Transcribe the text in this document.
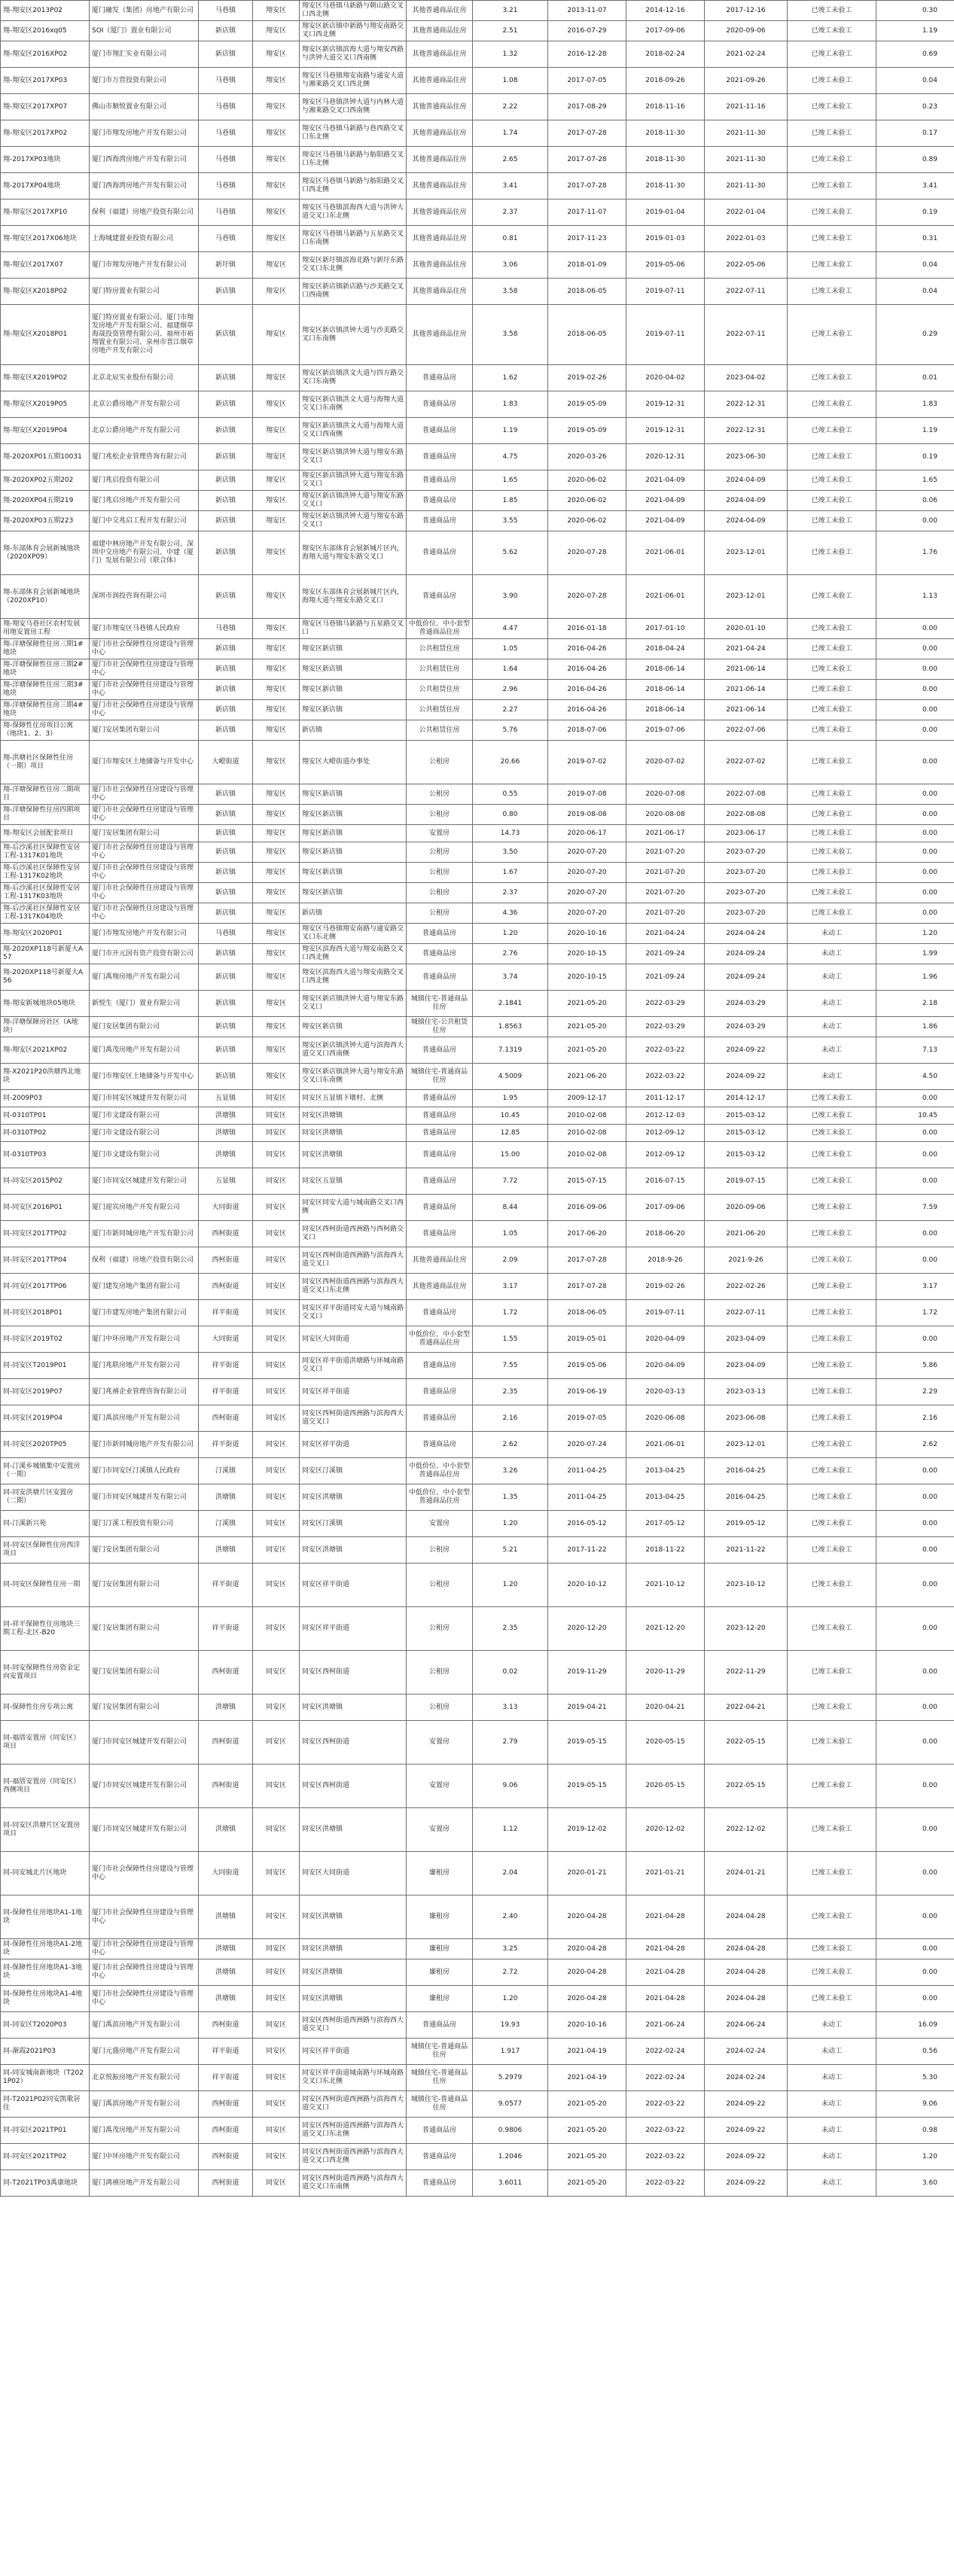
翔-翔安区2013P02	厦门融发（集团）房地产有限公司	马巷镇	翔安区	翔安区马巷镇马新路与朝山路交叉口西北侧	其他普通商品住房	3.21	2013-11-07	2014-12-16	2017-12-16	已竣工未验工	0.30
翔-翔安区2016xq05	SOI（厦门）置业有限公司	新店镇	翔安区	翔安区新店镇中新路与翔安南路交叉口西北侧	其他普通商品住房	2.51	2016-07-29	2017-09-06	2020-09-06	已竣工未验工	1.19
翔-翔安区2016XP02	厦门市翔汇实业有限公司	新店镇	翔安区	翔安区新店镇滨海大道与翔安西路与洪钟大道交叉口西南侧	其他普通商品住房	1.32	2016-12-28	2018-02-24	2021-02-24	已竣工未验工	0.69
翔-翔安区2017XP03	厦门市万营投资有限公司	马巷镇	翔安区	翔安区马巷镇翔安南路与通安大道与湘莱路交叉口西北侧	其他普通商品住房	1.08	2017-07-05	2018-09-26	2021-09-26	已竣工未验工	0.04
翔-翔安区2017XP07	佛山市顺悦置业有限公司	马巷镇	翔安区	翔安区马巷镇洪钟大道与内林大道与湘莱路交叉口西南侧	其他普通商品住房	2.22	2017-08-29	2018-11-16	2021-11-16	已竣工未验工	0.23
翔-翔安区2017XP02	厦门市翔发房地产开发有限公司	马巷镇	翔安区	翔安区马巷镇马新路与巷西路交叉口东北侧	其他普通商品住房	1.74	2017-07-28	2018-11-30	2021-11-30	已竣工未验工	0.17
翔-2017XP03地块	厦门西海湾房地产开发有限公司	马巷镇	翔安区	翔安区马巷镇马新路与舫阳路交叉口东北侧	其他普通商品住房	2.65	2017-07-28	2018-11-30	2021-11-30	已竣工未验工	0.89
翔-2017XP04地块	厦门西海湾房地产开发有限公司	马巷镇	翔安区	翔安区马巷镇马新路与舫阳路交叉口西北侧	其他普通商品住房	3.41	2017-07-28	2018-11-30	2021-11-30	已竣工未验工	3.41
翔-翔安区2017XP10	保利（福建）房地产投资有限公司	马巷镇	翔安区	翔安区马巷镇滨海西大道与洪钟大道交叉口东北侧	其他普通商品住房	2.37	2017-11-07	2019-01-04	2022-01-04	已竣工未验工	0.19
翔-翔安区2017X06地块	上海城建置业投资有限公司	马巷镇	翔安区	翔安区马巷镇马新路与五星路交叉口东南侧	其他普通商品住房	0.81	2017-11-23	2019-01-03	2022-01-03	已竣工未验工	0.31
翔-翔安区2017X07	厦门市翔发房地产开发有限公司	新圩镇	翔安区	翔安区新圩镇滨海北路与新圩东路交叉口东北侧	其他普通商品住房	3.06	2018-01-09	2019-05-06	2022-05-06	已竣工未验工	0.04
翔-翔安区X2018P02	厦门特房置业有限公司	新店镇	翔安区	翔安区新店镇新店路与沙美路交叉口西南侧	其他普通商品住房	3.58	2018-06-05	2019-07-11	2022-07-11	已竣工未验工	0.04
翔-翔安区X2018P01	厦门特房置业有限公司、厦门市翔发房地产开发有限公司、福建烟草海晟投资管理有限公司、福州市裕翔置业有限公司、泉州市晋江烟草房地产开发有限公司	新店镇	翔安区	翔安区新店镇洪钟大道与沙美路交叉口东南侧	其他普通商品住房	3.58	2018-06-05	2019-07-11	2022-07-11	已竣工未验工	0.29
翔-翔安区X2019P02	北京北辰实业股份有限公司	新店镇	翔安区	翔安区新店镇洪文大道与四方路交叉口东南侧	普通商品房	1.62	2019-02-26	2020-04-02	2023-04-02	已竣工未验工	0.01
翔-翔安区X2019P05	北京公爵房地产开发有限公司	新店镇	翔安区	翔安区新店镇洪文大道与海翔大道交叉口东南侧	普通商品房	1.83	2019-05-09	2019-12-31	2022-12-31	已竣工未验工	1.83
翔-翔安区X2019P04	北京公爵房地产开发有限公司	新店镇	翔安区	翔安区新店镇洪文大道与海翔大道交叉口西南侧	普通商品房	1.19	2019-05-09	2019-12-31	2022-12-31	已竣工未验工	1.19
翔-2020XP01五期10031	厦门兆松企业管理咨询有限公司	新店镇	翔安区	翔安区新店镇洪钟大道与翔安东路交叉口	普通商品房	4.75	2020-03-26	2020-12-31	2023-06-30	已竣工未验工	0.19
翔-2020XP02五期202	厦门兆启投资有限公司	新店镇	翔安区	翔安区新店镇洪钟大道与翔安东路交叉口	普通商品房	1.65	2020-06-02	2021-04-09	2024-04-09	已竣工未验工	1.65
翔-2020XP04五期219	厦门兆启房地产开发有限公司	新店镇	翔安区	翔安区新店镇洪钟大道与翔安东路交叉口	普通商品房	1.85	2020-06-02	2021-04-09	2024-04-09	已竣工未验工	0.06
翔-2020XP03五期223	厦门中交兆启工程开发有限公司	新店镇	翔安区	翔安区新店镇洪钟大道与翔安东路交叉口	普通商品房	3.55	2020-06-02	2021-04-09	2024-04-09	已竣工未验工	0.00
翔-东部体育会展新城地块（2020XP09）	福建中林房地产开发有限公司、深圳中交房地产有限公司、中建（厦门）发展有限公司（联合体）	新店镇	翔安区	翔安区东部体育会展新城片区内，海翔大道与翔安东路交叉口	普通商品房	5.62	2020-07-28	2021-06-01	2023-12-01	已竣工未验工	1.76
翔-东部体育会展新城地块（2020XP10）	深圳市润投咨询有限公司	新店镇	翔安区	翔安区东部体育会展新城片区内，海翔大道与翔安东路交叉口	普通商品房	3.90	2020-07-28	2021-06-01	2023-12-01	已竣工未验工	1.13
翔-翔安马巷社区农村发展用地安置房工程	厦门市翔安区马巷镇人民政府	马巷镇	翔安区	翔安区马巷镇马新路与五星路交叉口	中低价位、中小套型普通商品住房	4.47	2016-01-18	2017-01-10	2020-01-10	已竣工未验工	0.00
翔-洋塘保障性住房三期1#地块	厦门市社会保障性住房建设与管理中心	新店镇	翔安区	翔安区新店镇	公共租赁住房	1.05	2016-04-26	2018-04-24	2021-04-24	已竣工未验工	0.00
翔-洋塘保障性住房三期2#地块	厦门市社会保障性住房建设与管理中心	新店镇	翔安区	翔安区新店镇	公共租赁住房	1.64	2016-04-26	2018-06-14	2021-06-14	已竣工未验工	0.00
翔-洋塘保障性住房三期3#地块	厦门市社会保障性住房建设与管理中心	新店镇	翔安区	翔安区新店镇	公共租赁住房	2.96	2016-04-26	2018-06-14	2021-06-14	已竣工未验工	0.00
翔-洋塘保障性住房三期4#地块	厦门市社会保障性住房建设与管理中心	新店镇	翔安区	翔安区新店镇	公共租赁住房	2.27	2016-04-26	2018-06-14	2021-06-14	已竣工未验工	0.00
翔-保障性住房项目公寓（地块1、2、3）	厦门安居集团有限公司	新店镇	翔安区	新店镇	公共租赁住房	5.76	2018-07-06	2019-07-06	2022-07-06	已竣工未验工	0.00
翔-洪塘社区保障性住房（一期）项目	厦门市翔安区土地储备与开发中心	大嶝街道	翔安区	翔安区大嶝街道办事处	公租房	20.66	2019-07-02	2020-07-02	2022-07-02	已竣工未验工	0.00
翔-洋塘保障性住房二期项目	厦门市社会保障性住房建设与管理中心	新店镇	翔安区	翔安区新店镇	公租房	0.55	2019-07-08	2020-07-08	2022-07-08	已竣工未验工	0.00
翔-洋塘保障性住房四期项目	厦门市社会保障性住房建设与管理中心	新店镇	翔安区	翔安区新店镇	公租房	0.80	2019-08-08	2020-08-08	2022-08-08	已竣工未验工	0.00
翔-翔安区会展配套项目	厦门安居集团有限公司	新店镇	翔安区	翔安区新店镇	安置房	14.73	2020-06-17	2021-06-17	2023-06-17	已竣工未验工	0.00
翔-后沙溪社区保障性安居工程-1317K01地块	厦门市社会保障性住房建设与管理中心	新店镇	翔安区	翔安区新店镇	公租房	3.50	2020-07-20	2021-07-20	2023-07-20	已竣工未验工	0.00
翔-后沙溪社区保障性安居工程-1317K02地块	厦门市社会保障性住房建设与管理中心	新店镇	翔安区	翔安区新店镇	公租房	1.67	2020-07-20	2021-07-20	2023-07-20	已竣工未验工	0.00
翔-后沙溪社区保障性安居工程-1317K03地块	厦门市社会保障性住房建设与管理中心	新店镇	翔安区	翔安区新店镇	公租房	2.37	2020-07-20	2021-07-20	2023-07-20	已竣工未验工	0.00
翔-后沙溪社区保障性安居工程-1317K04地块	厦门市社会保障性住房建设与管理中心	新店镇	翔安区	新店镇	公租房	4.36	2020-07-20	2021-07-20	2023-07-20	已竣工未验工	0.00
翔-翔安区2020P01	厦门市翔发房地产开发有限公司	马巷镇	翔安区	翔安区马巷镇翔安南路与通安路交叉口东北侧	普通商品房	1.20	2020-10-16	2021-04-24	2024-04-24	未动工	1.20
翔-2020XP118号新厦大A57	厦门市开元国有资产投资有限公司	新店镇	翔安区	翔安区滨海西大道与翔安南路交叉口西北侧	普通商品房	2.76	2020-10-15	2021-09-24	2024-09-24	未动工	1.99
翔-2020XP118号新厦大A56	厦门禹翔房地产开发有限公司	新店镇	翔安区	翔安区滨海西大道与翔安南路交叉口西北侧	普通商品房	3.74	2020-10-15	2021-09-24	2024-09-24	未动工	1.96
翔-翔安新城地块05地块	新悦生（厦门）置业有限公司	新店镇	翔安区	翔安区新店镇洪钟大道与翔安东路交叉口	城镇住宅-普通商品住房	2.1841	2021-05-20	2022-03-29	2024-03-29	未动工	2.18
翔-洋塘保障房社区（A地块）	厦门安居集团有限公司	新店镇	翔安区	翔安区新店镇	城镇住宅-公共租赁住房	1.8563	2021-05-20	2022-03-29	2024-03-29	未动工	1.86
翔-翔安区2021XP02	厦门禹茂房地产开发有限公司	新店镇	翔安区	翔安区新店镇洪钟大道与滨海西大道交叉口西南侧	普通商品房	7.1319	2021-05-20	2022-03-22	2024-09-22	未动工	7.13
翔-X2021P20洪塘西北地块	厦门市翔安区土地储备与开发中心	新店镇	翔安区	翔安区新店镇洪钟大道与翔安东路交叉口东南侧	城镇住宅-普通商品住房	4.5009	2021-06-20	2022-03-22	2024-09-22	未动工	4.50
同-2009P03	厦门市同安区城建开发有限公司	五显镇	同安区	同安区五显镇下墩村、北侧	普通商品房	1.95	2009-12-17	2011-12-17	2014-12-17	已竣工未验工	0.00
同-0310TP01	厦门市文建设有限公司	洪塘镇	同安区	同安区洪塘镇	普通商品房	10.45	2010-02-08	2012-12-03	2015-03-12	已竣工未验工	10.45
同-0310TP02	厦门市文建设有限公司	洪塘镇	同安区	同安区洪塘镇	普通商品房	12.85	2010-02-08	2012-09-12	2015-03-12	已竣工未验工	0.00
同-0310TP03	厦门市文建设有限公司	洪塘镇	同安区	同安区洪塘镇	普通商品房	15.00	2010-02-08	2012-09-12	2015-03-12	已竣工未验工	0.00
同-同安区2015P02	厦门市同安区城建开发有限公司	五显镇	同安区	同安区五显镇	普通商品房	7.72	2015-07-15	2016-07-15	2019-07-15	已竣工未验工	0.00
同-同安区2016P01	厦门迎宾房地产开发有限公司	大同街道	同安区	同安区同安大道与城南路交叉口西侧	普通商品房	8.44	2016-09-06	2017-09-06	2020-09-06	已竣工未验工	7.59
同-同安区2017TP02	厦门市新同城房地产开发有限公司	西柯街道	同安区	同安区西柯街道西洲路与西柯路交叉口	普通商品房	1.05	2017-06-20	2018-06-20	2021-06-20	已竣工未验工	0.00
同-同安区2017TP04	保利（福建）房地产投资有限公司	西柯街道	同安区	同安区西柯街道西洲路与滨海西大道交叉口	其他普通商品住房	2.09	2017-07-28	2018-9-26	2021-9-26	已竣工未验工	0.00
同-同安区2017TP06	厦门建发房地产集团有限公司	西柯街道	同安区	同安区西柯街道西洲路与滨海西大道交叉口东北侧	其他普通商品住房	3.17	2017-07-28	2019-02-26	2022-02-26	已竣工未验工	3.17
同-同安区2018P01	厦门市建发房地产集团有限公司	祥平街道	同安区	同安区祥平街道同安大道与城南路交叉口	普通商品房	1.72	2018-06-05	2019-07-11	2022-07-11	已竣工未验工	1.72
同-同安区2019T02	厦门中环房地产开发有限公司	大同街道	同安区	同安区大同街道	中低价位、中小套型普通商品住房	1.55	2019-05-01	2020-04-09	2023-04-09	已竣工未验工	0.00
同-同安区T2019P01	厦门兆联房地产开发有限公司	祥平街道	同安区	同安区祥平街道洪塘路与环城南路交叉口	普通商品房	7.55	2019-05-06	2020-04-09	2023-04-09	已竣工未验工	5.86
同-同安区2019P07	厦门兆禧企业管理咨询有限公司	祥平街道	同安区	同安区祥平街道	普通商品房	2.35	2019-06-19	2020-03-13	2023-03-13	已竣工未验工	2.29
同-同安区2019P04	厦门禹滨房地产开发有限公司	西柯街道	同安区	同安区西柯街道西洲路与滨海西大道交叉口	普通商品房	2.16	2019-07-05	2020-06-08	2023-06-08	已竣工未验工	2.16
同-同安区2020TP05	厦门市新同城房地产开发有限公司	祥平街道	同安区	同安区祥平街道	普通商品房	2.62	2020-07-24	2021-06-01	2023-12-01	已竣工未验工	2.62
同-汀溪乡城镇集中安置房（一期）	厦门市同安区汀溪镇人民政府	汀溪镇	同安区	同安区汀溪镇	中低价位、中小套型普通商品住房	3.26	2011-04-25	2013-04-25	2016-04-25	已竣工未验工	0.00
同-同安洪塘片区安置房（二期）	厦门市同安区城建开发有限公司	洪塘镇	同安区	同安区洪塘镇	中低价位、中小套型普通商品住房	1.35	2011-04-25	2013-04-25	2016-04-25	已竣工未验工	0.00
同-汀溪新兴苑	厦门汀溪工程投资有限公司	汀溪镇	同安区	同安区汀溪镇	安置房	1.20	2016-05-12	2017-05-12	2019-05-12	已竣工未验工	0.00
同-同安区保障性住房西洋项目	厦门安居集团有限公司	洪塘镇	同安区	同安区洪塘镇	公租房	5.21	2017-11-22	2018-11-22	2021-11-22	已竣工未验工	0.00
同-同安区保障性住房一期	厦门安居集团有限公司	祥平街道	同安区	同安区祥平街道	公租房	1.20	2020-10-12	2021-10-12	2023-10-12	已竣工未验工	0.00
同-祥平保障性住房地块三期工程-北区-B20	厦门安居集团有限公司	祥平街道	同安区	同安区祥平街道	公租房	2.35	2020-12-20	2021-12-20	2023-12-20	已竣工未验工	0.00
同-同安保障性住房资金定向安置项目	厦门安居集团有限公司	西柯街道	同安区	同安区西柯街道	公租房	0.02	2019-11-29	2020-11-29	2022-11-29	已竣工未验工	0.00
同-保障性住房专项公寓	厦门安居集团有限公司	洪塘镇	同安区	同安区洪塘镇	公租房	3.13	2019-04-21	2020-04-21	2022-04-21	已竣工未验工	0.00
同-福厝安置房（同安区）项目	厦门市同安区城建开发有限公司	西柯街道	同安区	同安区西柯街道	安置房	2.79	2019-05-15	2020-05-15	2022-05-15	已竣工未验工	0.00
同-福厝安置房（同安区）西侧项目	厦门市同安区城建开发有限公司	西柯街道	同安区	同安区西柯街道	安置房	9.06	2019-05-15	2020-05-15	2022-05-15	已竣工未验工	0.00
同-同安区洪塘片区安置房项目	厦门市同安区城建开发有限公司	洪塘镇	同安区	同安区洪塘镇	安置房	1.12	2019-12-02	2020-12-02	2022-12-02	已竣工未验工	0.00
同-同安城北片区地块	厦门市社会保障性住房建设与管理中心	大同街道	同安区	同安区大同街道	廉租房	2.04	2020-01-21	2021-01-21	2024-01-21	已竣工未验工	0.00
同-保障性住房地块A1-1地块	厦门市社会保障性住房建设与管理中心	洪塘镇	同安区	同安区洪塘镇	廉租房	2.40	2020-04-28	2021-04-28	2024-04-28	已竣工未验工	0.00
同-保障性住房地块A1-2地块	厦门市社会保障性住房建设与管理中心	洪塘镇	同安区	同安区洪塘镇	廉租房	3.25	2020-04-28	2021-04-28	2024-04-28	已竣工未验工	0.00
同-保障性住房地块A1-3地块	厦门市社会保障性住房建设与管理中心	洪塘镇	同安区	同安区洪塘镇	廉租房	2.72	2020-04-28	2021-04-28	2024-04-28	已竣工未验工	0.00
同-保障性住房地块A1-4地块	厦门市社会保障性住房建设与管理中心	洪塘镇	同安区	同安区洪塘镇	廉租房	1.20	2020-04-28	2021-04-28	2024-04-28	已竣工未验工	0.00
同-同安区T2020P03	厦门禹滨房地产开发有限公司	西柯街道	同安区	同安区西柯街道西洲路与滨海西大道交叉口	普通商品房	19.93	2020-10-16	2021-06-24	2024-06-24	未动工	16.09
同-渐霞2021P03	厦门元盛房地产开发有限公司	祥平街道	同安区	同安区祥平街道	城镇住宅-普通商品住房	1.917	2021-04-19	2022-02-24	2024-02-24	未动工	0.56
同-同安城南新地块（T2021P02）	北京悦振房地产开发有限公司	祥平街道	同安区	同安区祥平街道城南路与环城南路交叉口东北侧	城镇住宅-普通商品住房	5.2979	2021-04-19	2022-02-24	2024-02-24	未动工	5.30
同-T2021P02同安凯歌居住	厦门禹滨房地产开发有限公司	西柯街道	同安区	同安区西柯街道西洲路与滨海西大道交叉口	城镇住宅-普通商品住房	9.0577	2021-05-20	2022-03-22	2024-09-22	未动工	9.06
同-同安区2021TP01	厦门禹茂房地产开发有限公司	西柯街道	同安区	同安区西柯街道西洲路与滨海西大道交叉口东北侧	普通商品房	0.9806	2021-05-20	2022-03-22	2024-09-22	未动工	0.98
同-同安区2021TP02	厦门中环房地产开发有限公司	西柯街道	同安区	同安区西柯街道西洲路与滨海西大道交叉口西北侧	普通商品房	1.2046	2021-05-20	2022-03-22	2024-09-22	未动工	1.20
同-T2021TP03禹康地块	厦门鸿禧房地产开发有限公司	西柯街道	同安区	同安区西柯街道西洲路与滨海西大道交叉口东南侧	普通商品房	3.6011	2021-05-20	2022-03-22	2024-09-22	未动工	3.60
